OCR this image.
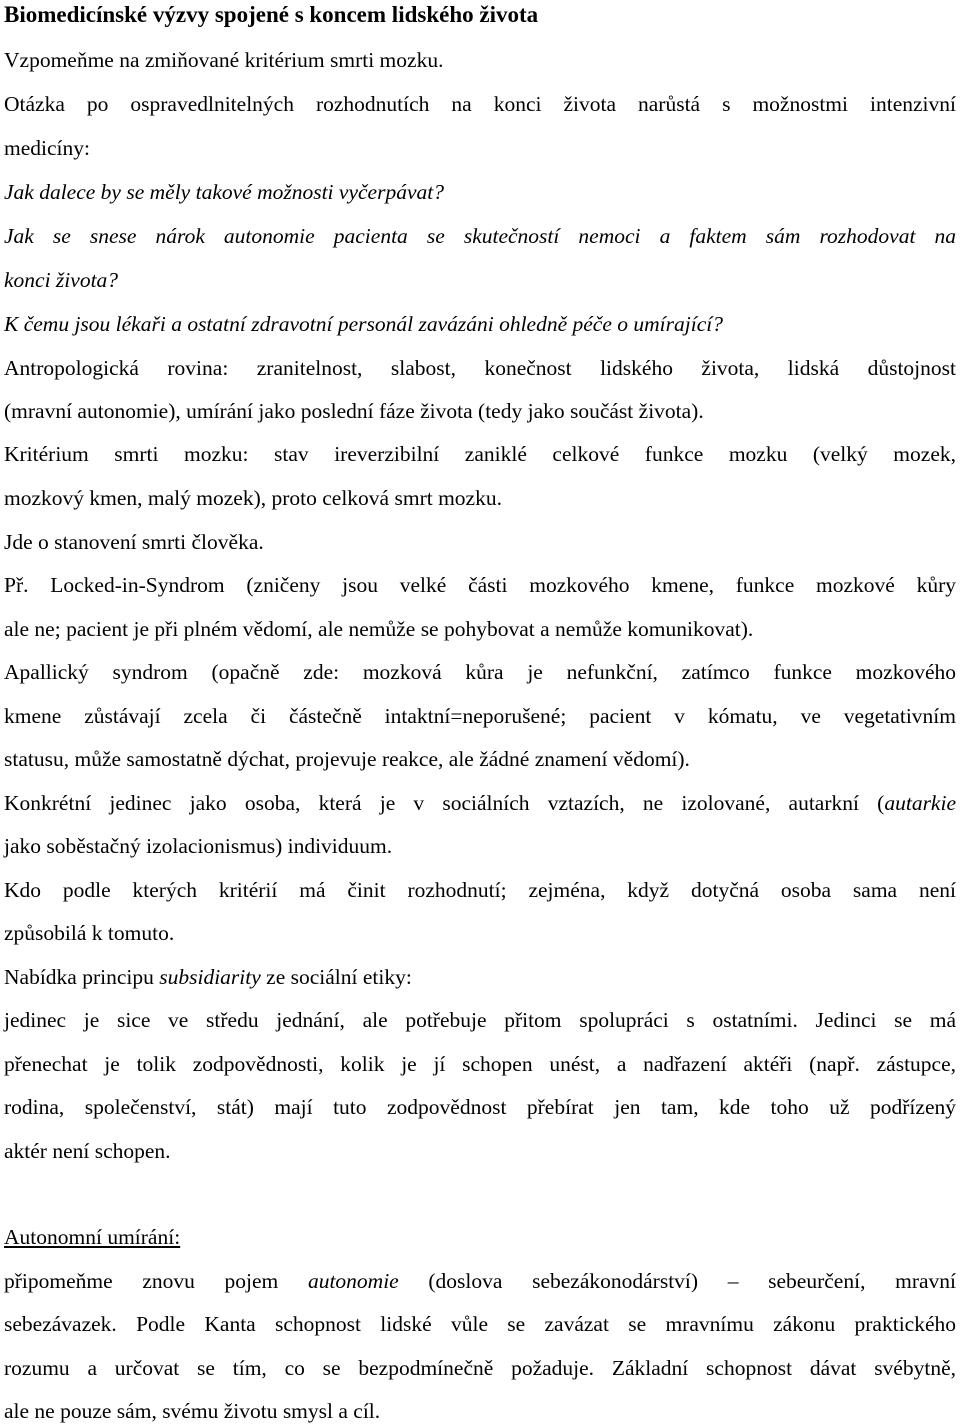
Biomedicínské výzvy spojené s koncem lidského života
Vzpomeňme na zmiňované kritérium smrti mozku.
Otázka po ospravedlnitelných rozhodnutích na konci života narůstá s možnostmi intenzivní
medicíny:
Jak dalece by se měly takové možnosti vyčerpávat?
Jak se snese nárok autonomie pacienta se skutečností nemoci a faktem sám rozhodovat na
konci života?
K čemu jsou lékaři a ostatní zdravotní personál zavázáni ohledně péče o umírající?
Antropologická rovina: zranitelnost, slabost, konečnost lidského života, lidská důstojnost
(mravní autonomie), umírání jako poslední fáze života (tedy jako součást života).
Kritérium smrti mozku: stav ireverzibilní zaniklé celkové funkce mozku (velký mozek,
mozkový kmen, malý mozek), proto celková smrt mozku.
Jde o stanovení smrti člověka.
Př. Locked-in-Syndrom (zničeny jsou velké části mozkového kmene, funkce mozkové kůry
ale ne; pacient je při plném vědomí, ale nemůže se pohybovat a nemůže komunikovat).
Apallický syndrom (opačně zde: mozková kůra je nefunkční, zatímco funkce mozkového
kmene zůstávají zcela či částečně intaktní=neporušené; pacient v kómatu, ve vegetativním
statusu, může samostatně dýchat, projevuje reakce, ale žádné znamení vědomí).
Konkrétní jedinec jako osoba, která je v sociálních vztazích, ne izolované, autarkní (autarkie
jako soběstačný izolacionismus) individuum.
Kdo podle kterých kritérií má činit rozhodnutí; zejména, když dotyčná osoba sama není
způsobilá k tomuto.
Nabídka principu subsidiarity ze sociální etiky:
jedinec je sice ve středu jednání, ale potřebuje přitom spolupráci s ostatními. Jedinci se má
přenechat je tolik zodpovědnosti, kolik je jí schopen unést, a nadřazení aktéři (např. zástupce,
rodina, společenství, stát) mají tuto zodpovědnost přebírat jen tam, kde toho už podřízený
aktér není schopen.
Autonomní umírání:
připomeňme znovu pojem autonomie (doslova sebezákonodárství) – sebeurčení, mravní
sebezávazek. Podle Kanta schopnost lidské vůle se zavázat se mravnímu zákonu praktického
rozumu a určovat se tím, co se bezpodmínečně požaduje. Základní schopnost dávat svébytně,
ale ne pouze sám, svému životu smysl a cíl.
